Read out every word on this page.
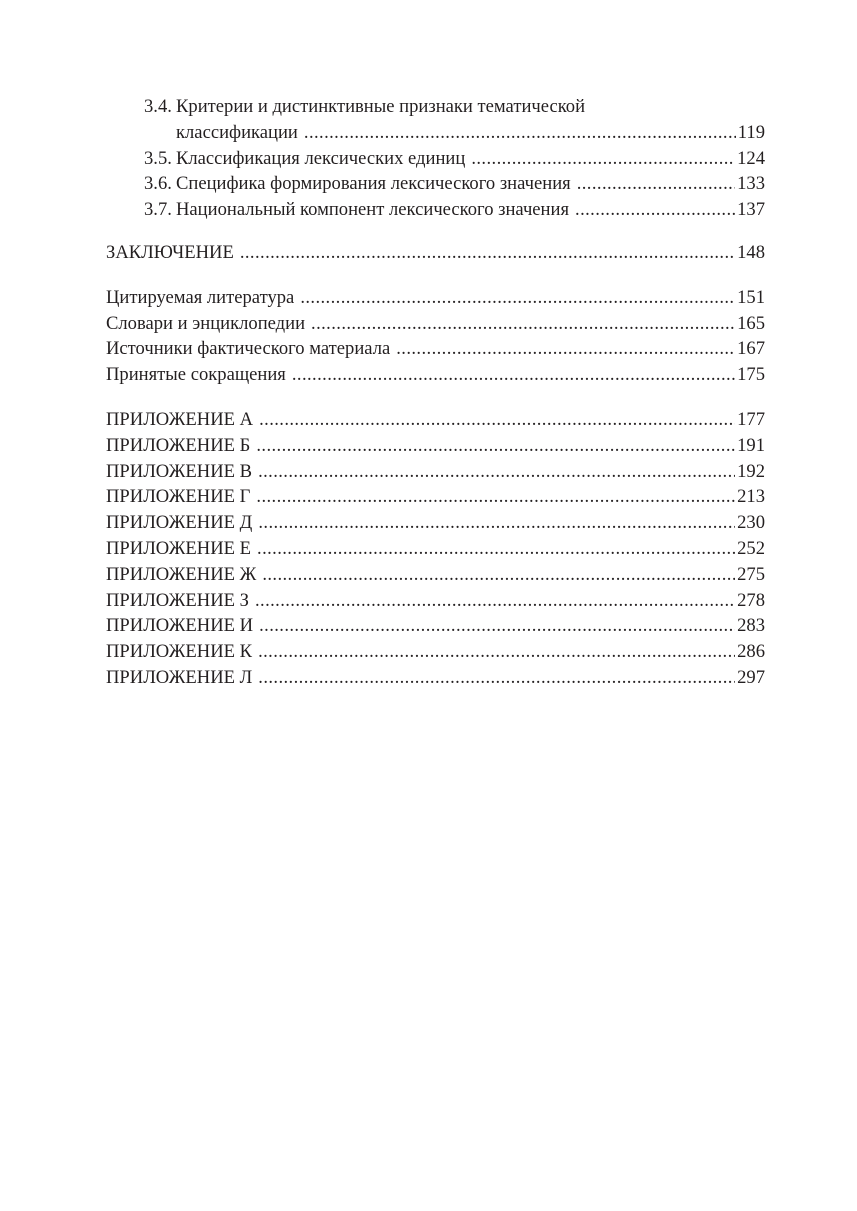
3.4. Критерии и дистинктивные признаки тематической
классификации .....	119
3.5. Классификация лексических единиц .....	124
3.6. Специфика формирования лексического значения .....	133
3.7. Национальный компонент лексического значения .....	137
ЗАКЛЮЧЕНИЕ .....	148
Цитируемая литература .....	151
Словари и энциклопедии .....	165
Источники фактического материала .....	167
Принятые сокращения .....	175
ПРИЛОЖЕНИЕ А .....	177
ПРИЛОЖЕНИЕ Б .....	191
ПРИЛОЖЕНИЕ В .....	192
ПРИЛОЖЕНИЕ Г .....	213
ПРИЛОЖЕНИЕ Д .....	230
ПРИЛОЖЕНИЕ Е .....	252
ПРИЛОЖЕНИЕ Ж .....	275
ПРИЛОЖЕНИЕ З .....	278
ПРИЛОЖЕНИЕ И .....	283
ПРИЛОЖЕНИЕ К .....	286
ПРИЛОЖЕНИЕ Л .....	297
